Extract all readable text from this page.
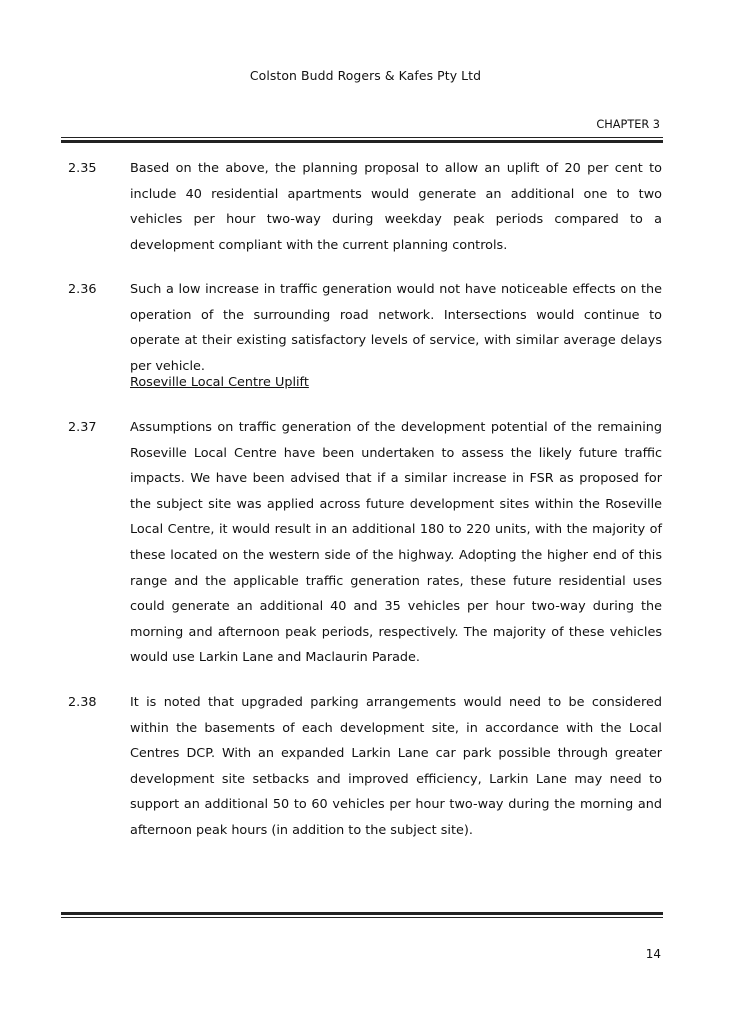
Colston Budd Rogers & Kafes Pty Ltd
CHAPTER 3
2.35	Based on the above, the planning proposal to allow an uplift of 20 per cent to include 40 residential apartments would generate an additional one to two vehicles per hour two-way during weekday peak periods compared to a development compliant with the current planning controls.
2.36	Such a low increase in traffic generation would not have noticeable effects on the operation of the surrounding road network. Intersections would continue to operate at their existing satisfactory levels of service, with similar average delays per vehicle.
Roseville Local Centre Uplift
2.37	Assumptions on traffic generation of the development potential of the remaining Roseville Local Centre have been undertaken to assess the likely future traffic impacts. We have been advised that if a similar increase in FSR as proposed for the subject site was applied across future development sites within the Roseville Local Centre, it would result in an additional 180 to 220 units, with the majority of these located on the western side of the highway. Adopting the higher end of this range and the applicable traffic generation rates, these future residential uses could generate an additional 40 and 35 vehicles per hour two-way during the morning and afternoon peak periods, respectively. The majority of these vehicles would use Larkin Lane and Maclaurin Parade.
2.38	It is noted that upgraded parking arrangements would need to be considered within the basements of each development site, in accordance with the Local Centres DCP. With an expanded Larkin Lane car park possible through greater development site setbacks and improved efficiency, Larkin Lane may need to support an additional 50 to 60 vehicles per hour two-way during the morning and afternoon peak hours (in addition to the subject site).
14
